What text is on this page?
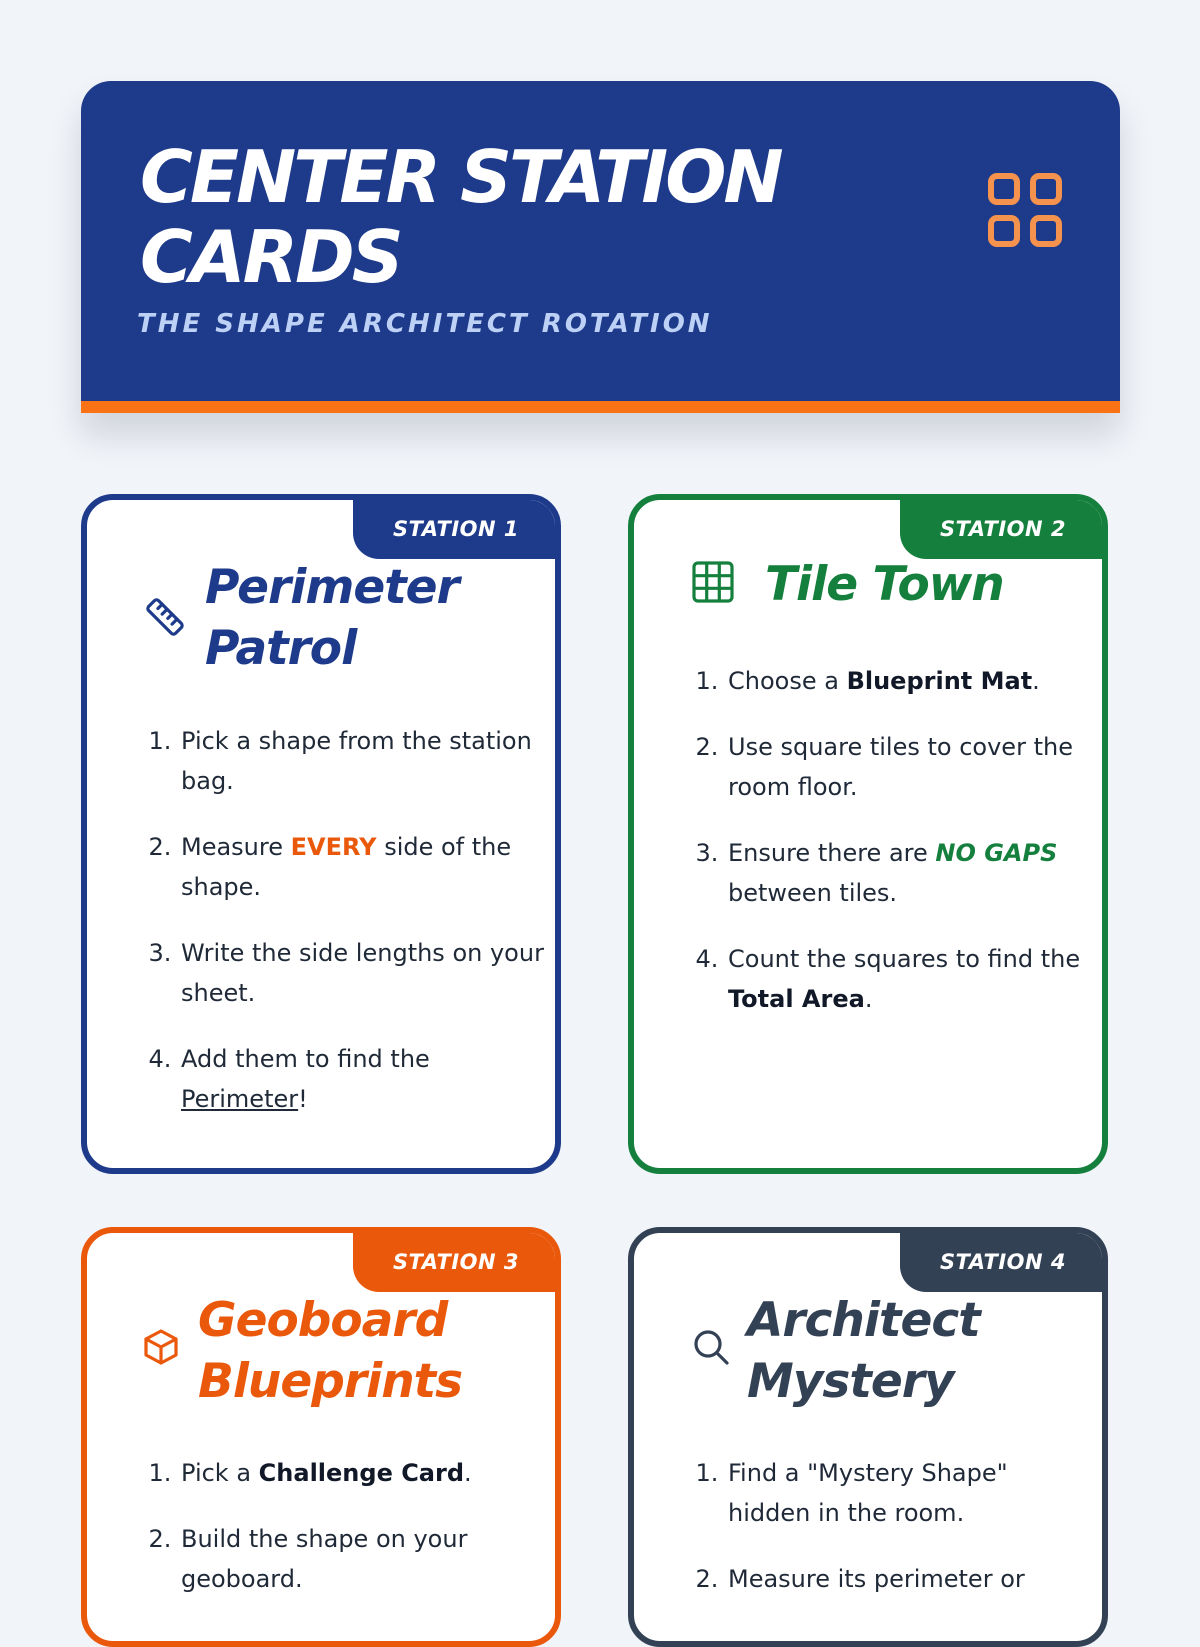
CENTER STATION CARDS

THE SHAPE ARCHITECT ROTATION

STATION 1
Perimeter
Patrol
1. Pick a shape from the station bag.
2. Measure EVERY side of the shape.
3. Write the side lengths on your sheet.
4. Add them to find the Perimeter!
STATION 2
Tile Town
1. Choose a Blueprint Mat.
2. Use square tiles to cover the room floor.
3. Ensure there are NO GAPS between tiles.
4. Count the squares to find the Total Area.
STATION 3
Geoboard
Blueprints
1. Pick a Challenge Card.
2. Build the shape on your geoboard.
STATION 4
Architect
Mystery
1. Find a "Mystery Shape" hidden in the room.
2. Measure its perimeter or
